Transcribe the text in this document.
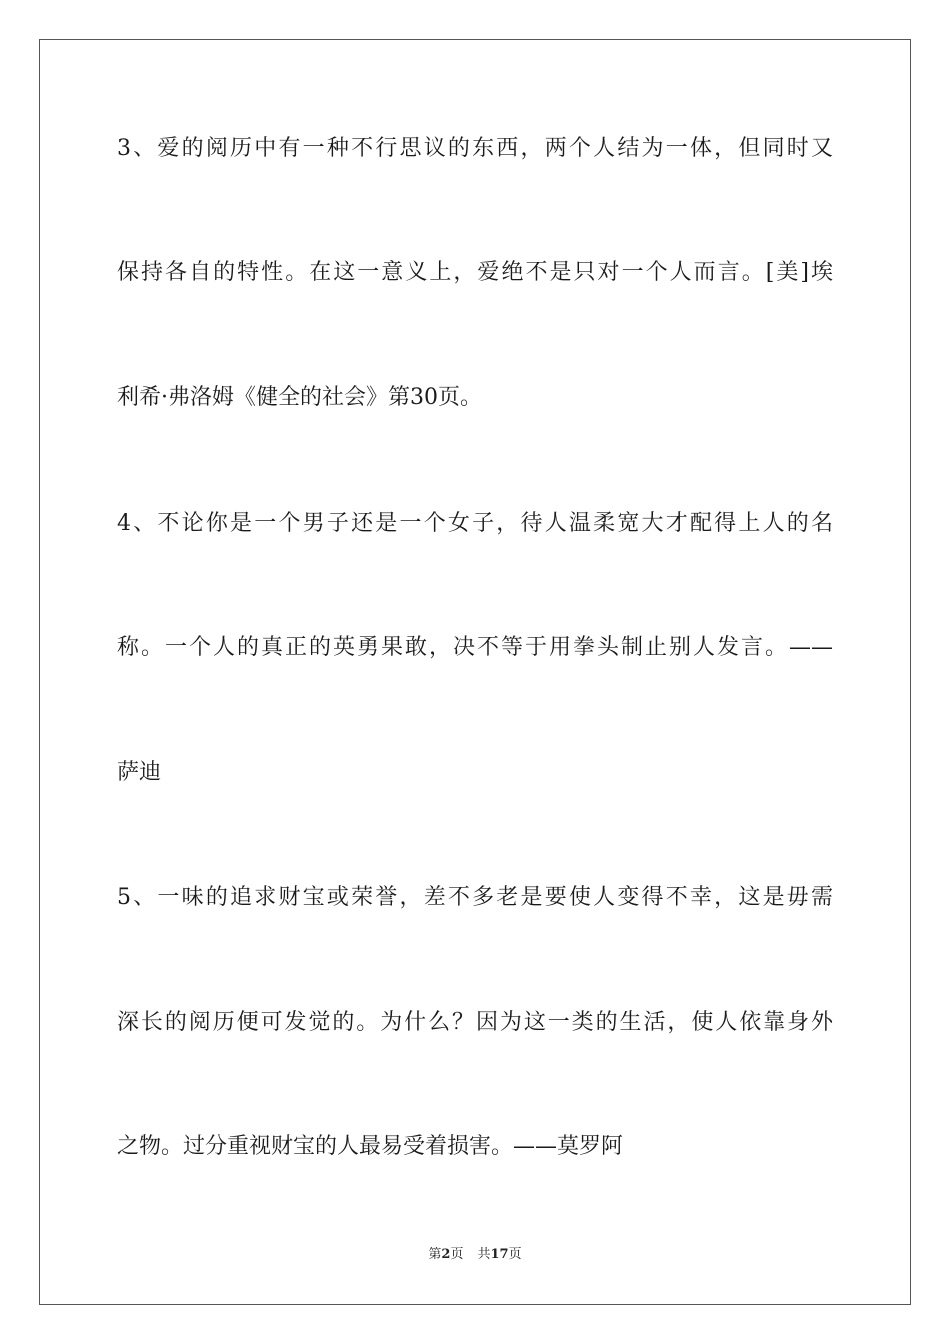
3、爱的阅历中有一种不行思议的东西，两个人结为一体，但同时又
保持各自的特性。在这一意义上，爱绝不是只对一个人而言。[美]埃
利希·弗洛姆《健全的社会》第30页。
4、不论你是一个男子还是一个女子，待人温柔宽大才配得上人的名
称。一个人的真正的英勇果敢，决不等于用拳头制止别人发言。——
萨迪
5、一味的追求财宝或荣誉，差不多老是要使人变得不幸，这是毋需
深长的阅历便可发觉的。为什么？因为这一类的生活，使人依靠身外
之物。过分重视财宝的人最易受着损害。——莫罗阿
第2页 共17页
